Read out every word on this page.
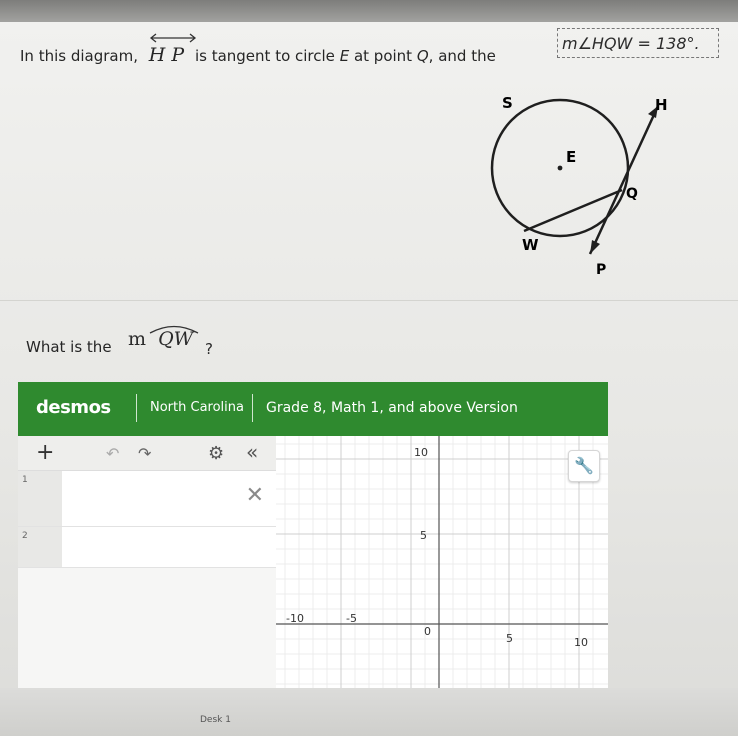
In this diagram, H P is tangent to circle E at point Q, and the
m∠HQW = 138°.
S	H
E
Q
W
P
What is the m QW ?
desmos	North Carolina Grade 8, Math 1, and above Version
+	↶ ↷	⚙ «
1
✕
2
-10	-5
0
5	10
10
5
🔧
Desk 1
